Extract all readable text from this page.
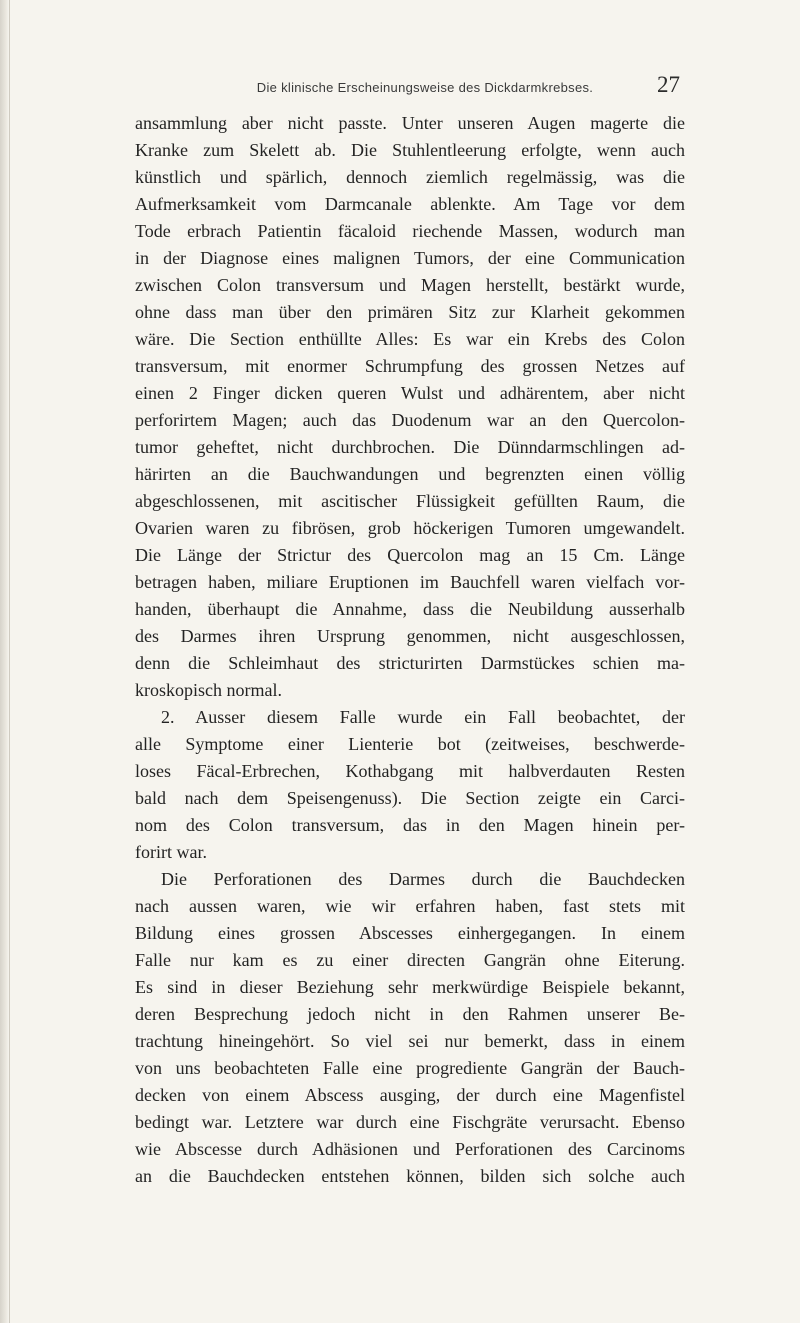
Die klinische Erscheinungsweise des Dickdarmkrebses.	27
ansammlung aber nicht passte. Unter unseren Augen magerte die
Kranke zum Skelett ab. Die Stuhlentleerung erfolgte, wenn auch
künstlich und spärlich, dennoch ziemlich regelmässig, was die
Aufmerksamkeit vom Darmcanale ablenkte. Am Tage vor dem
Tode erbrach Patientin fäcaloid riechende Massen, wodurch man
in der Diagnose eines malignen Tumors, der eine Communication
zwischen Colon transversum und Magen herstellt, bestärkt wurde,
ohne dass man über den primären Sitz zur Klarheit gekommen
wäre. Die Section enthüllte Alles: Es war ein Krebs des Colon
transversum, mit enormer Schrumpfung des grossen Netzes auf
einen 2 Finger dicken queren Wulst und adhärentem, aber nicht
perforirtem Magen; auch das Duodenum war an den Quercolon-
tumor geheftet, nicht durchbrochen. Die Dünndarmschlingen ad-
härirten an die Bauchwandungen und begrenzten einen völlig
abgeschlossenen, mit ascitischer Flüssigkeit gefüllten Raum, die
Ovarien waren zu fibrösen, grob höckerigen Tumoren umgewandelt.
Die Länge der Strictur des Quercolon mag an 15 Cm. Länge
betragen haben, miliare Eruptionen im Bauchfell waren vielfach vor-
handen, überhaupt die Annahme, dass die Neubildung ausserhalb
des Darmes ihren Ursprung genommen, nicht ausgeschlossen,
denn die Schleimhaut des stricturirten Darmstückes schien ma-
kroskopisch normal.
2. Ausser diesem Falle wurde ein Fall beobachtet, der
alle Symptome einer Lienterie bot (zeitweises, beschwerde-
loses Fäcal-Erbrechen, Kothabgang mit halbverdauten Resten
bald nach dem Speisengenuss). Die Section zeigte ein Carci-
nom des Colon transversum, das in den Magen hinein per-
forirt war.
Die Perforationen des Darmes durch die Bauchdecken
nach aussen waren, wie wir erfahren haben, fast stets mit
Bildung eines grossen Abscesses einhergegangen. In einem
Falle nur kam es zu einer directen Gangrän ohne Eiterung.
Es sind in dieser Beziehung sehr merkwürdige Beispiele bekannt,
deren Besprechung jedoch nicht in den Rahmen unserer Be-
trachtung hineingehört. So viel sei nur bemerkt, dass in einem
von uns beobachteten Falle eine progrediente Gangrän der Bauch-
decken von einem Abscess ausging, der durch eine Magenfistel
bedingt war. Letztere war durch eine Fischgräte verursacht. Ebenso
wie Abscesse durch Adhäsionen und Perforationen des Carcinoms
an die Bauchdecken entstehen können, bilden sich solche auch
